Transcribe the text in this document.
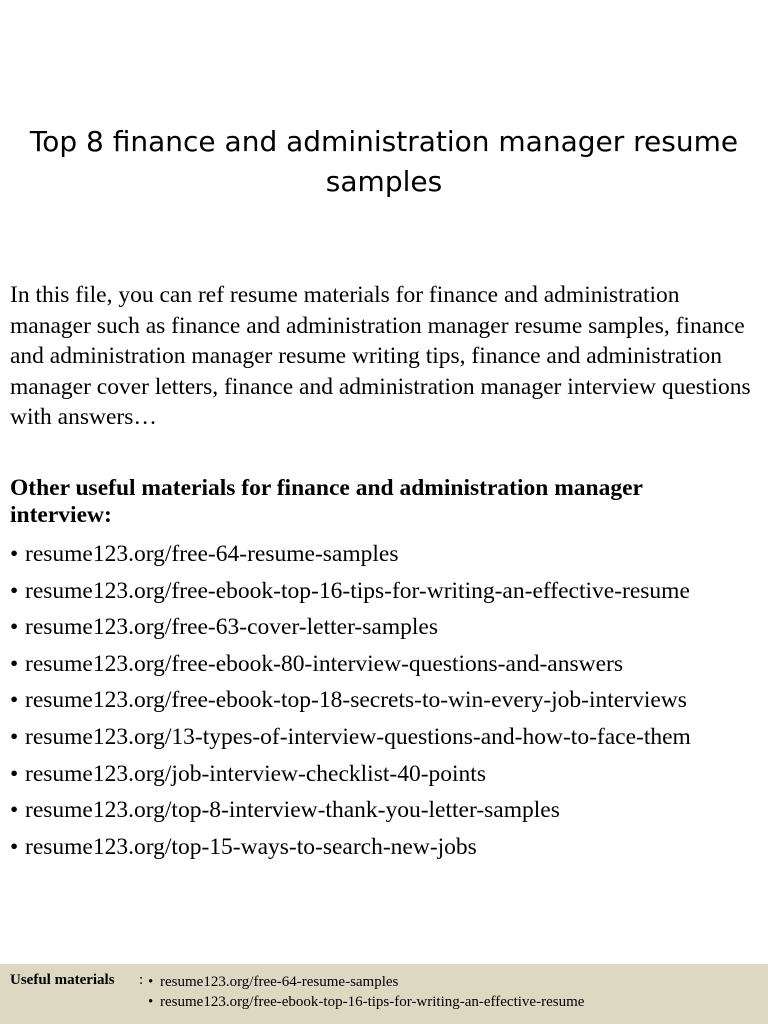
Top 8 finance and administration manager resume samples

In this file, you can ref resume materials for finance and administration manager such as finance and administration manager resume samples, finance and administration manager resume writing tips, finance and administration manager cover letters, finance and administration manager interview questions with answers…

Other useful materials for finance and administration manager interview:
• resume123.org/free-64-resume-samples
• resume123.org/free-ebook-top-16-tips-for-writing-an-effective-resume
• resume123.org/free-63-cover-letter-samples
• resume123.org/free-ebook-80-interview-questions-and-answers
• resume123.org/free-ebook-top-18-secrets-to-win-every-job-interviews
• resume123.org/13-types-of-interview-questions-and-how-to-face-them
• resume123.org/job-interview-checklist-40-points
• resume123.org/top-8-interview-thank-you-letter-samples
• resume123.org/top-15-ways-to-search-new-jobs
Useful materials : • resume123.org/free-64-resume-samples
• resume123.org/free-ebook-top-16-tips-for-writing-an-effective-resume
